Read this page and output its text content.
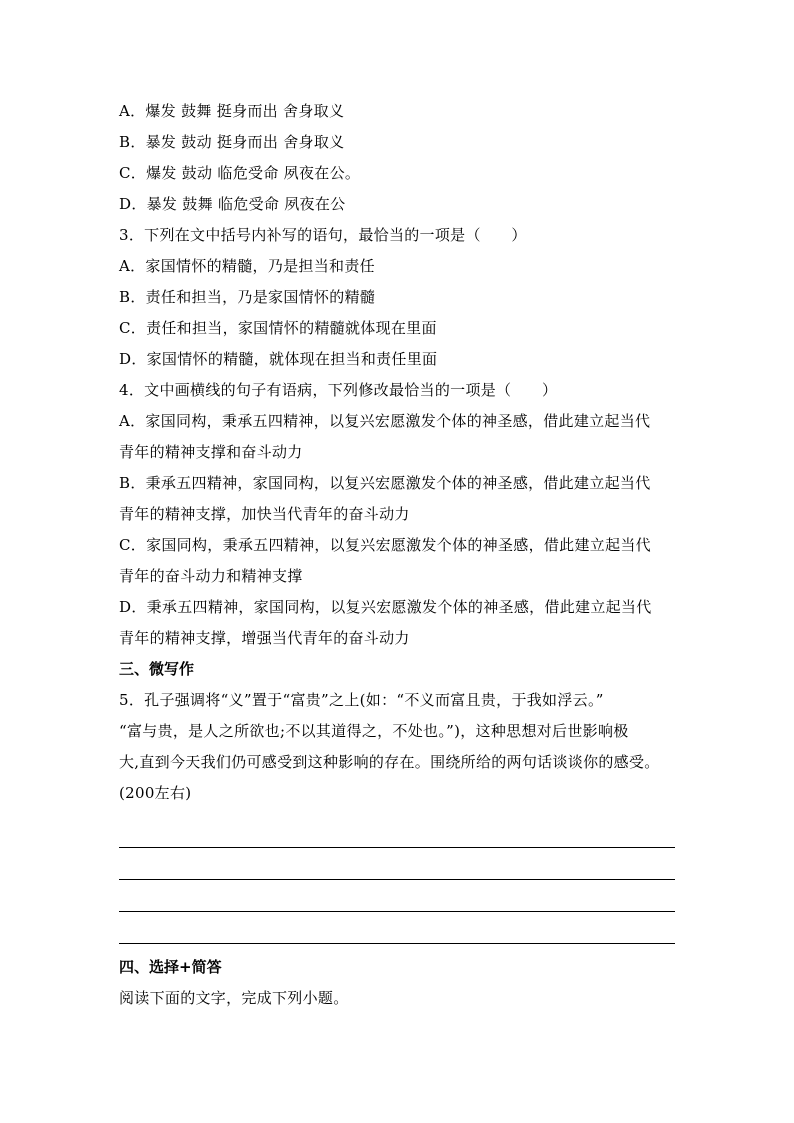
A．爆发 鼓舞 挺身而出 舍身取义
B．暴发 鼓动 挺身而出 舍身取义
C．爆发 鼓动 临危受命 夙夜在公。
D．暴发 鼓舞 临危受命 夙夜在公
3．下列在文中括号内补写的语句，最恰当的一项是（　　）
A．家国情怀的精髓，乃是担当和责任
B．责任和担当，乃是家国情怀的精髓
C．责任和担当，家国情怀的精髓就体现在里面
D．家国情怀的精髓，就体现在担当和责任里面
4．文中画横线的句子有语病，下列修改最恰当的一项是（　　）
A．家国同构，秉承五四精神，以复兴宏愿激发个体的神圣感，借此建立起当代
青年的精神支撑和奋斗动力
B．秉承五四精神，家国同构，以复兴宏愿激发个体的神圣感，借此建立起当代
青年的精神支撑，加快当代青年的奋斗动力
C．家国同构，秉承五四精神，以复兴宏愿激发个体的神圣感，借此建立起当代
青年的奋斗动力和精神支撑
D．秉承五四精神，家国同构，以复兴宏愿激发个体的神圣感，借此建立起当代
青年的精神支撑，增强当代青年的奋斗动力
三、微写作
5．孔子强调将“义”置于“富贵”之上(如：“不义而富且贵，于我如浮云。”
“富与贵，是人之所欲也;不以其道得之，不处也。”)，这种思想对后世影响极
大,直到今天我们仍可感受到这种影响的存在。围绕所给的两句话谈谈你的感受。
(200左右)
四、选择+简答
阅读下面的文字，完成下列小题。
